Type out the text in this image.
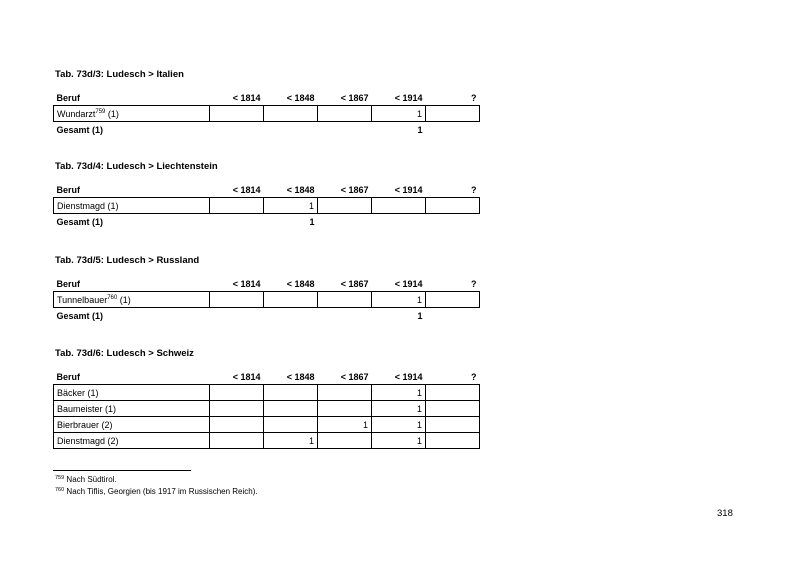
Tab. 73d/3: Ludesch > Italien
Beruf	< 1814	< 1848	< 1867	< 1914	?
Wundarzt$^{759}$ (1)				1	
Gesamt (1)				1	
Tab. 73d/4: Ludesch > Liechtenstein
Beruf	< 1814	< 1848	< 1867	< 1914	?
Dienstmagd (1)		1			
Gesamt (1)		1			
Tab. 73d/5: Ludesch > Russland
Beruf	< 1814	< 1848	< 1867	< 1914	?
Tunnelbauer$^{760}$ (1)				1	
Gesamt (1)				1	
Tab. 73d/6: Ludesch > Schweiz
Beruf	< 1814	< 1848	< 1867	< 1914	?
Bäcker (1)				1	
Baumeister (1)				1	
Bierbrauer (2)			1	1	
Dienstmagd (2)		1		1	
$^{759}$ Nach Südtirol.
$^{760}$ Nach Tiflis, Georgien (bis 1917 im Russischen Reich).
318
